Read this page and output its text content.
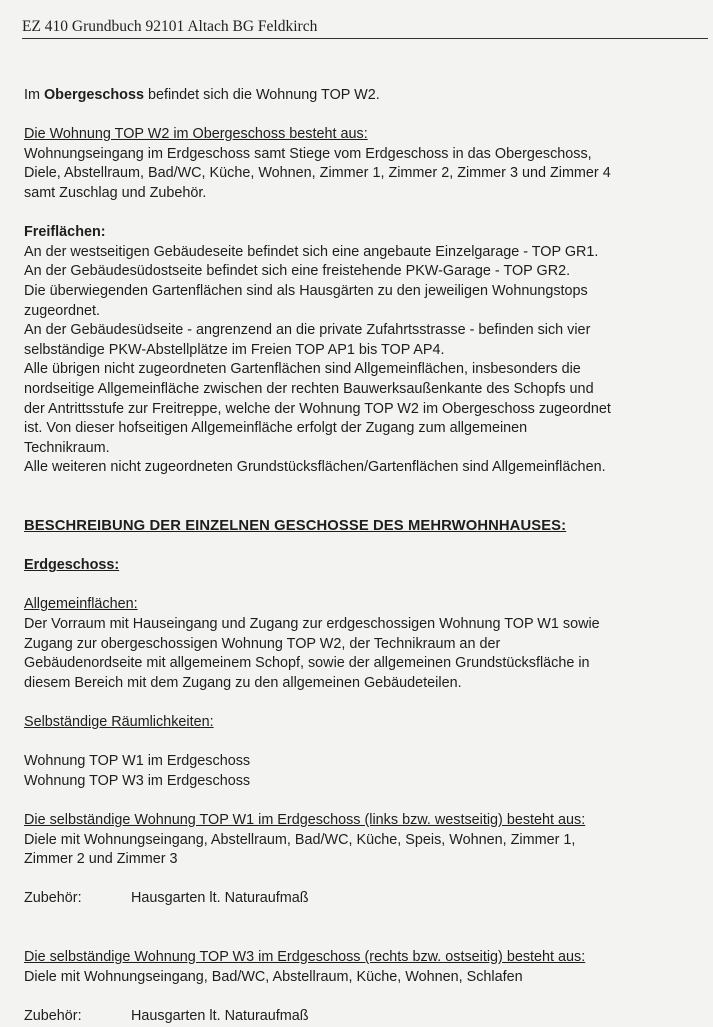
EZ 410 Grundbuch 92101 Altach BG Feldkirch

Im Obergeschoss befindet sich die Wohnung TOP W2.

Die Wohnung TOP W2 im Obergeschoss besteht aus:

Wohnungseingang im Erdgeschoss samt Stiege vom Erdgeschoss in das Obergeschoss,

Diele, Abstellraum, Bad/WC, Küche, Wohnen, Zimmer 1, Zimmer 2, Zimmer 3 und Zimmer 4

samt Zuschlag und Zubehör.

Freiflächen:

An der westseitigen Gebäudeseite befindet sich eine angebaute Einzelgarage - TOP GR1.

An der Gebäudesüdostseite befindet sich eine freistehende PKW-Garage - TOP GR2.

Die überwiegenden Gartenflächen sind als Hausgärten zu den jeweiligen Wohnungstops

zugeordnet.

An der Gebäudesüdseite - angrenzend an die private Zufahrtsstrasse - befinden sich vier

selbständige PKW-Abstellplätze im Freien TOP AP1 bis TOP AP4.

Alle übrigen nicht zugeordneten Gartenflächen sind Allgemeinflächen, insbesonders die

nordseitige Allgemeinfläche zwischen der rechten Bauwerksaußenkante des Schopfs und

der Antrittsstufe zur Freitreppe, welche der Wohnung TOP W2 im Obergeschoss zugeordnet

ist. Von dieser hofseitigen Allgemeinfläche erfolgt der Zugang zum allgemeinen

Technikraum.

Alle weiteren nicht zugeordneten Grundstücksflächen/Gartenflächen sind Allgemeinflächen.

BESCHREIBUNG DER EINZELNEN GESCHOSSE DES MEHRWOHNHAUSES:

Erdgeschoss:

Allgemeinflächen:

Der Vorraum mit Hauseingang und Zugang zur erdgeschossigen Wohnung TOP W1 sowie

Zugang zur obergeschossigen Wohnung TOP W2, der Technikraum an der

Gebäudenordseite mit allgemeinem Schopf, sowie der allgemeinen Grundstücksfläche in

diesem Bereich mit dem Zugang zu den allgemeinen Gebäudeteilen.

Selbständige Räumlichkeiten:

Wohnung TOP W1 im Erdgeschoss

Wohnung TOP W3 im Erdgeschoss

Die selbständige Wohnung TOP W1 im Erdgeschoss (links bzw. westseitig) besteht aus:

Diele mit Wohnungseingang, Abstellraum, Bad/WC, Küche, Speis, Wohnen, Zimmer 1,

Zimmer 2 und Zimmer 3

Zubehör:	Hausgarten lt. Naturaufmaß

Die selbständige Wohnung TOP W3 im Erdgeschoss (rechts bzw. ostseitig) besteht aus:

Diele mit Wohnungseingang, Bad/WC, Abstellraum, Küche, Wohnen, Schlafen

Zubehör:	Hausgarten lt. Naturaufmaß
